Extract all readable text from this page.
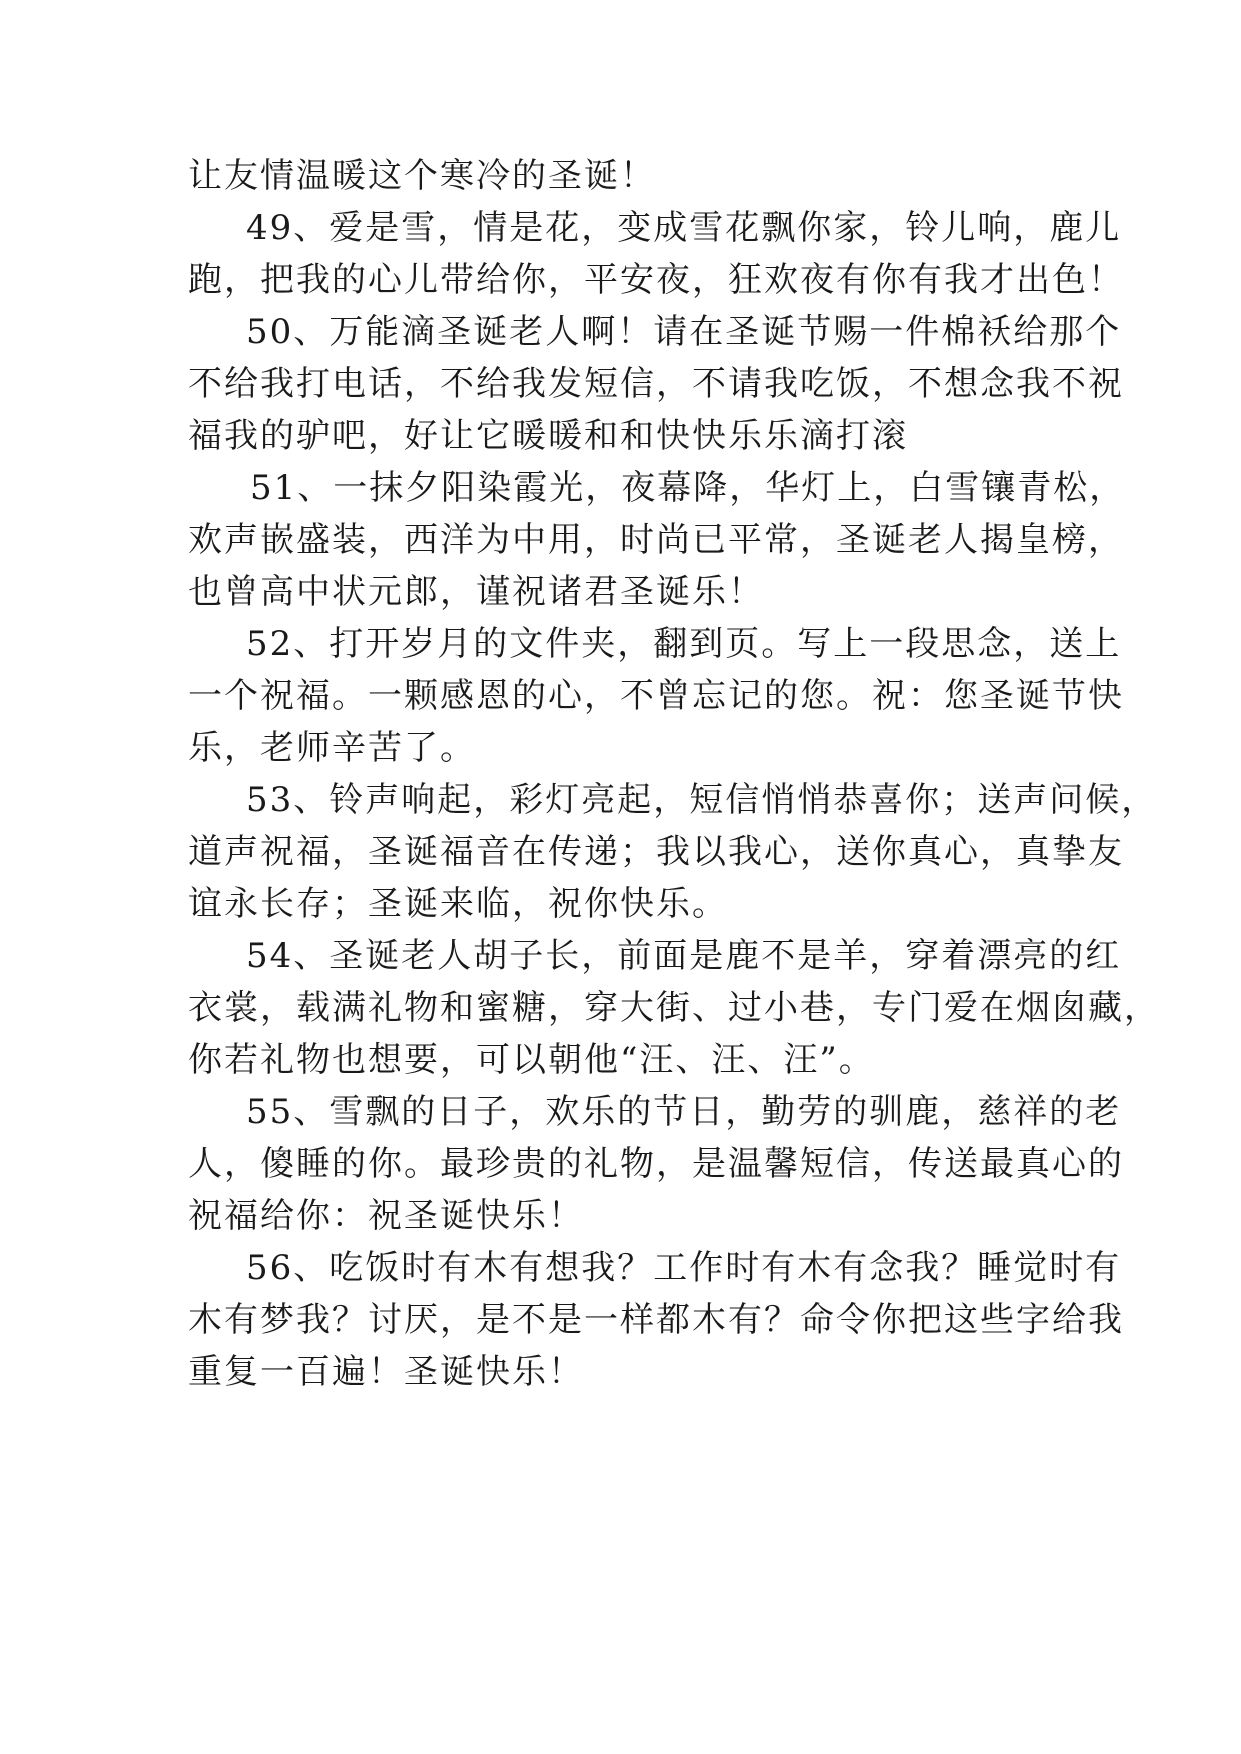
让友情温暖这个寒冷的圣诞！
49、爱是雪，情是花，变成雪花飘你家，铃儿响，鹿儿
跑，把我的心儿带给你，平安夜，狂欢夜有你有我才出色！
50、万能滴圣诞老人啊！请在圣诞节赐一件棉袄给那个
不给我打电话，不给我发短信，不请我吃饭，不想念我不祝
福我的驴吧，好让它暖暖和和快快乐乐滴打滚
51、一抹夕阳染霞光，夜幕降，华灯上，白雪镶青松，
欢声嵌盛装，西洋为中用，时尚已平常，圣诞老人揭皇榜，
也曾高中状元郎，谨祝诸君圣诞乐！
52、打开岁月的文件夹，翻到页。写上一段思念，送上
一个祝福。一颗感恩的心，不曾忘记的您。祝：您圣诞节快
乐，老师辛苦了。
53、铃声响起，彩灯亮起，短信悄悄恭喜你；送声问候，
道声祝福，圣诞福音在传递；我以我心，送你真心，真挚友
谊永长存；圣诞来临，祝你快乐。
54、圣诞老人胡子长，前面是鹿不是羊，穿着漂亮的红
衣裳，载满礼物和蜜糖，穿大街、过小巷，专门爱在烟囱藏，
你若礼物也想要，可以朝他“汪、汪、汪”。
55、雪飘的日子，欢乐的节日，勤劳的驯鹿，慈祥的老
人，傻睡的你。最珍贵的礼物，是温馨短信，传送最真心的
祝福给你：祝圣诞快乐！
56、吃饭时有木有想我？工作时有木有念我？睡觉时有
木有梦我？讨厌，是不是一样都木有？命令你把这些字给我
重复一百遍！圣诞快乐！
